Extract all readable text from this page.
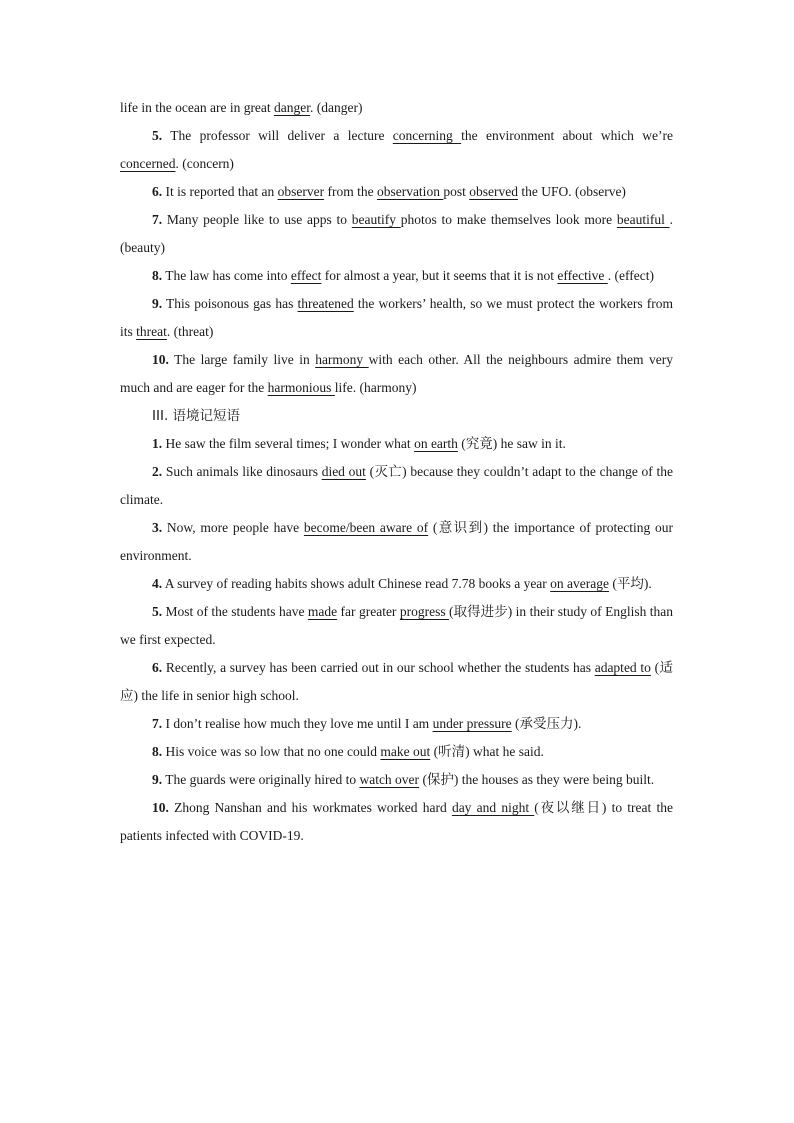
life in the ocean are in great danger. (danger)

5. The professor will deliver a lecture concerning the environment about which we’re concerned. (concern)

6. It is reported that an observer from the observation post observed the UFO. (observe)

7. Many people like to use apps to beautify photos to make themselves look more beautiful . (beauty)

8. The law has come into effect for almost a year, but it seems that it is not effective . (effect)

9. This poisonous gas has threatened the workers’ health, so we must protect the workers from its threat. (threat)

10. The large family live in harmony with each other. All the neighbours admire them very much and are eager for the harmonious life. (harmony)

III. 语境记短语

1. He saw the film several times; I wonder what on earth (究竟) he saw in it.

2. Such animals like dinosaurs died out (灭亡) because they couldn’t adapt to the change of the climate.

3. Now, more people have become/been aware of (意识到) the importance of protecting our environment.

4. A survey of reading habits shows adult Chinese read 7.78 books a year on average (平均).

5. Most of the students have made far greater progress (取得进步) in their study of English than we first expected.

6. Recently, a survey has been carried out in our school whether the students has adapted to (适应) the life in senior high school.

7. I don’t realise how much they love me until I am under pressure (承受压力).

8. His voice was so low that no one could make out (听清) what he said.

9. The guards were originally hired to watch over (保护) the houses as they were being built.

10. Zhong Nanshan and his workmates worked hard day and night (夜以继日) to treat the patients infected with COVID-19.
